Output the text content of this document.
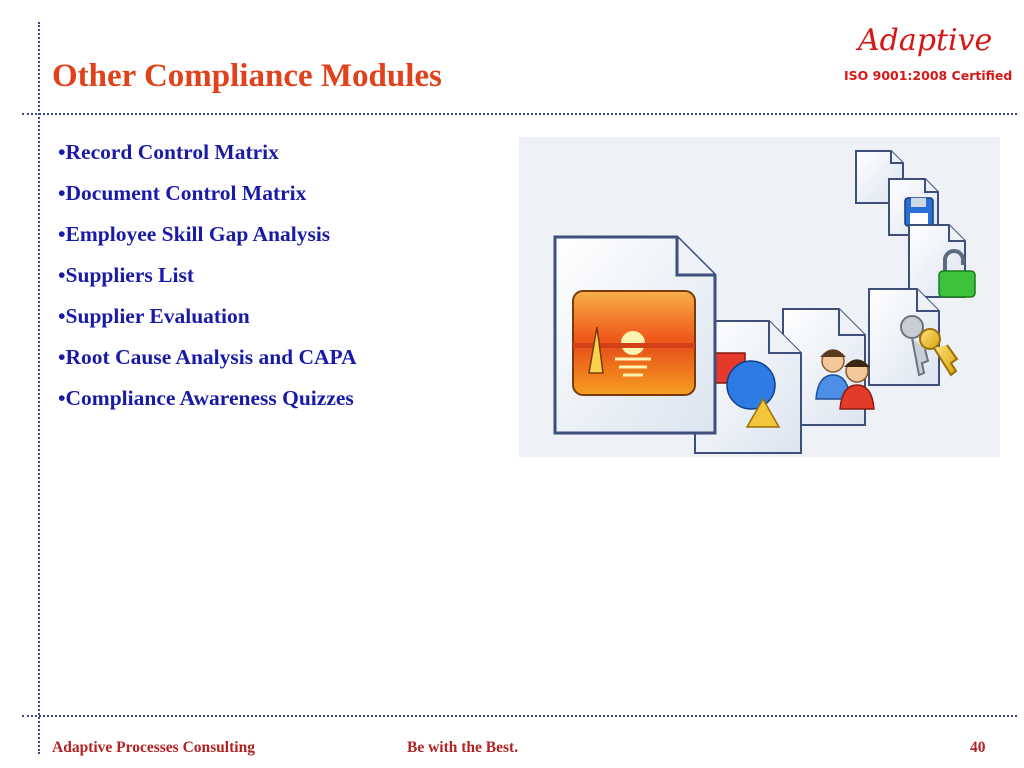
Other Compliance Modules
Adaptive
ISO 9001:2008 Certified
• Record Control Matrix
• Document Control Matrix
• Employee Skill Gap Analysis
• Suppliers List
• Supplier Evaluation
• Root Cause Analysis and CAPA
• Compliance Awareness Quizzes

Adaptive Processes Consulting	Be with the Best.	40
